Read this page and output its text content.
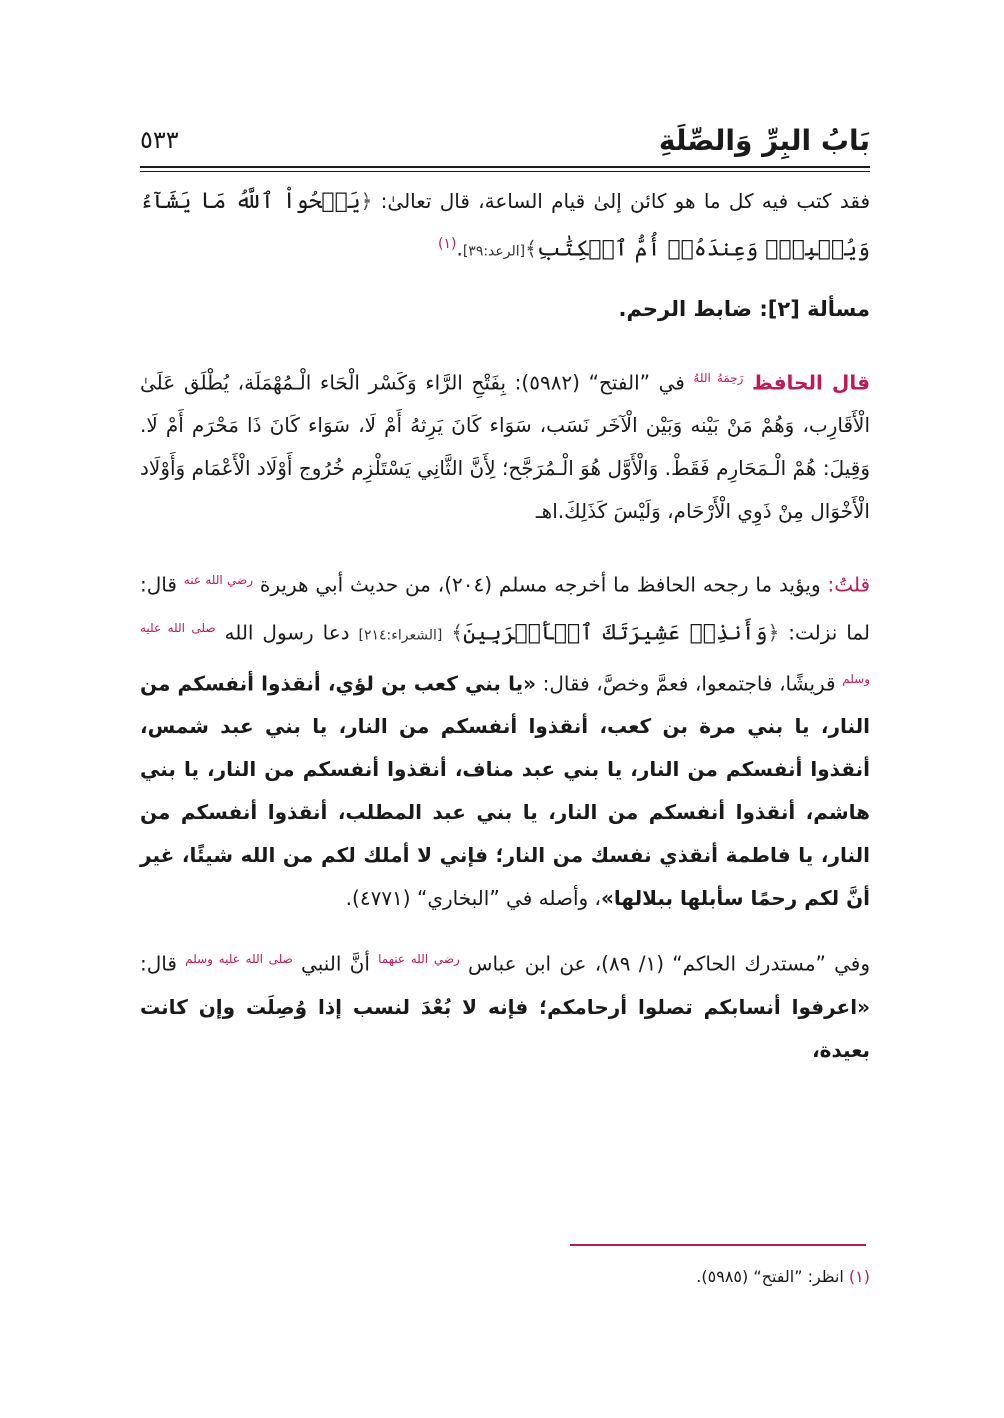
بَابُ البِرِّ وَالصِّلَةِ
٥٣٣

فقد كتب فيه كل ما هو كائن إلىٰ قيام الساعة، قال تعالىٰ: ﴿يَمۡحُواْ ٱللَّهُ مَا يَشَآءُ وَيُثۡبِتُۖ وَعِندَهُۥٓ أُمُّ ٱلۡكِتَٰبِ﴾[الرعد:٣٩].$^{(١)}$

مسألة [٢]: ضابط الرحم.

قال الحافظ $^{رَحِمَهُ اللهُ}$ في ”الفتح“ (٥٩٨٢): بِفَتْحِ الرَّاء وَكَسْر الْحَاء الْـمُهْمَلَة، يُطْلَق عَلَىٰ الْأَقَارِب، وَهُمْ مَنْ بَيْنه وَبَيْن الْآخَر نَسَب، سَوَاء كَانَ يَرِثهُ أَمْ لَا، سَوَاء كَانَ ذَا مَحْرَم أَمْ لَا. وَقِيلَ: هُمْ الْـمَحَارِم فَقَطْ. وَالْأَوَّل هُوَ الْـمُرَجَّح؛ لِأَنَّ الثَّانِي يَسْتَلْزِم خُرُوج أَوْلَاد الْأَعْمَام وَأَوْلَاد الْأَخْوَال مِنْ ذَوِي الْأَرْحَام، وَلَيْسَ كَذَلِكَ.اهـ

قلتُ: ويؤيد ما رجحه الحافظ ما أخرجه مسلم (٢٠٤)، من حديث أبي هريرة $^{رضي الله عنه}$ قال: لما نزلت: ﴿وَأَنذِرۡ عَشِيرَتَكَ ٱلۡأَقۡرَبِينَ﴾ [الشعراء:٢١٤] دعا رسول الله $^{صلى الله عليه وسلم}$ قريشًا، فاجتمعوا، فعمَّ وخصَّ، فقال: «يا بني كعب بن لؤي، أنقذوا أنفسكم من النار، يا بني مرة بن كعب، أنقذوا أنفسكم من النار، يا بني عبد شمس، أنقذوا أنفسكم من النار، يا بني عبد مناف، أنقذوا أنفسكم من النار، يا بني هاشم، أنقذوا أنفسكم من النار، يا بني عبد المطلب، أنقذوا أنفسكم من النار، يا فاطمة أنقذي نفسك من النار؛ فإني لا أملك لكم من الله شيئًا، غير أنَّ لكم رحمًا سأبلها ببلالها»، وأصله في ”البخاري“ (٤٧٧١).

وفي ”مستدرك الحاكم“ (١/ ٨٩)، عن ابن عباس $^{رضي الله عنهما}$ أنَّ النبي $^{صلى الله عليه وسلم}$ قال: «اعرفوا أنسابكم تصلوا أرحامكم؛ فإنه لا بُعْدَ لنسب إذا وُصِلَت وإن كانت بعيدة،

(١) انظر: ”الفتح“ (٥٩٨٥).
